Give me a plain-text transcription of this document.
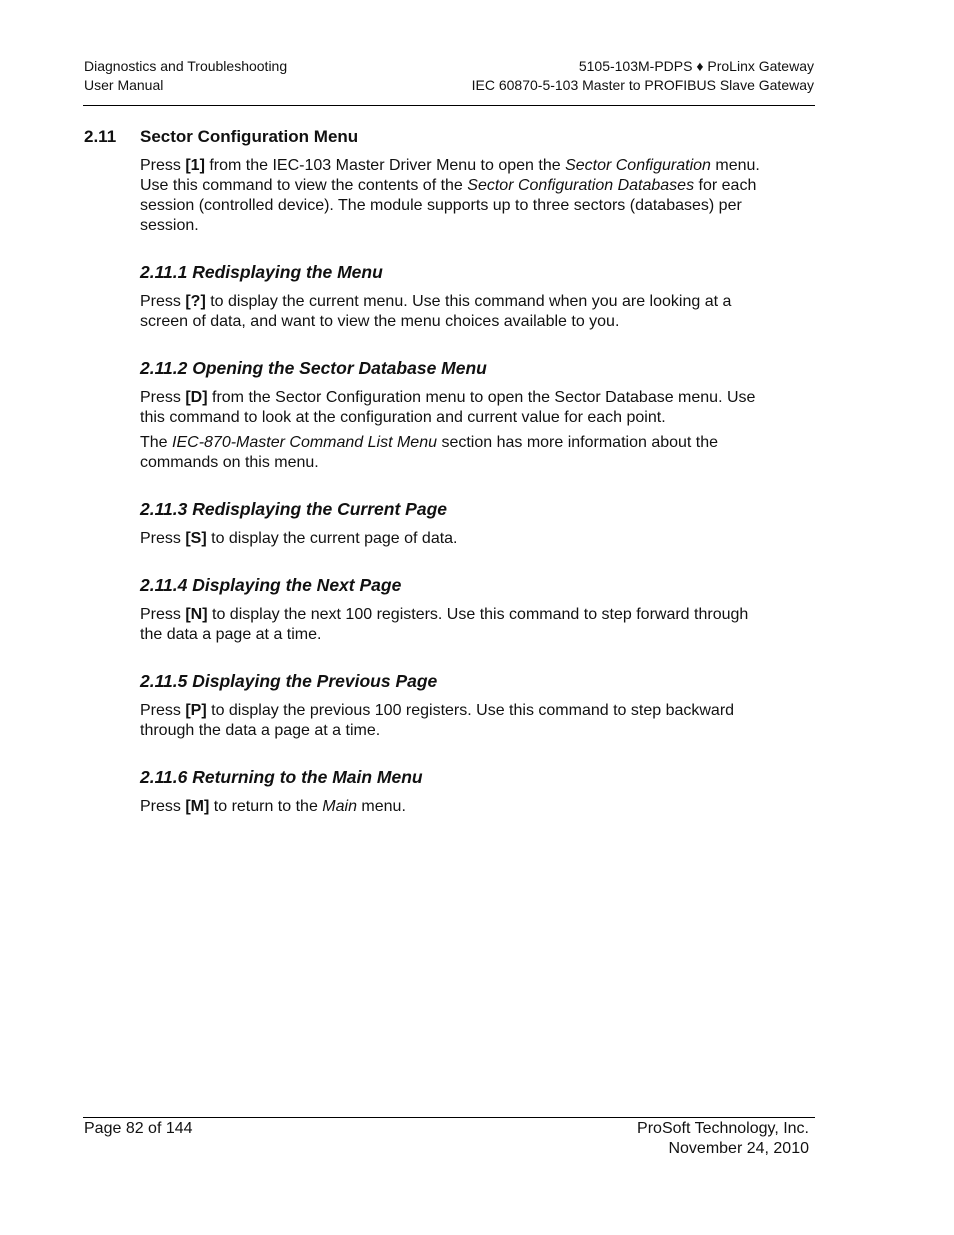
Diagnostics and Troubleshooting
User Manual
5105-103M-PDPS ♦ ProLinx Gateway
IEC 60870-5-103 Master to PROFIBUS Slave Gateway
2.11 Sector Configuration Menu

Press [1] from the IEC-103 Master Driver Menu to open the Sector Configuration menu. Use this command to view the contents of the Sector Configuration Databases for each session (controlled device). The module supports up to three sectors (databases) per session.

2.11.1 Redisplaying the Menu

Press [?] to display the current menu. Use this command when you are looking at a screen of data, and want to view the menu choices available to you.

2.11.2 Opening the Sector Database Menu

Press [D] from the Sector Configuration menu to open the Sector Database menu. Use this command to look at the configuration and current value for each point.

The IEC-870-Master Command List Menu section has more information about the commands on this menu.

2.11.3 Redisplaying the Current Page

Press [S] to display the current page of data.

2.11.4 Displaying the Next Page

Press [N] to display the next 100 registers. Use this command to step forward through the data a page at a time.

2.11.5 Displaying the Previous Page

Press [P] to display the previous 100 registers. Use this command to step backward through the data a page at a time.

2.11.6 Returning to the Main Menu

Press [M] to return to the Main menu.

Page 82 of 144	ProSoft Technology, Inc.
November 24, 2010
